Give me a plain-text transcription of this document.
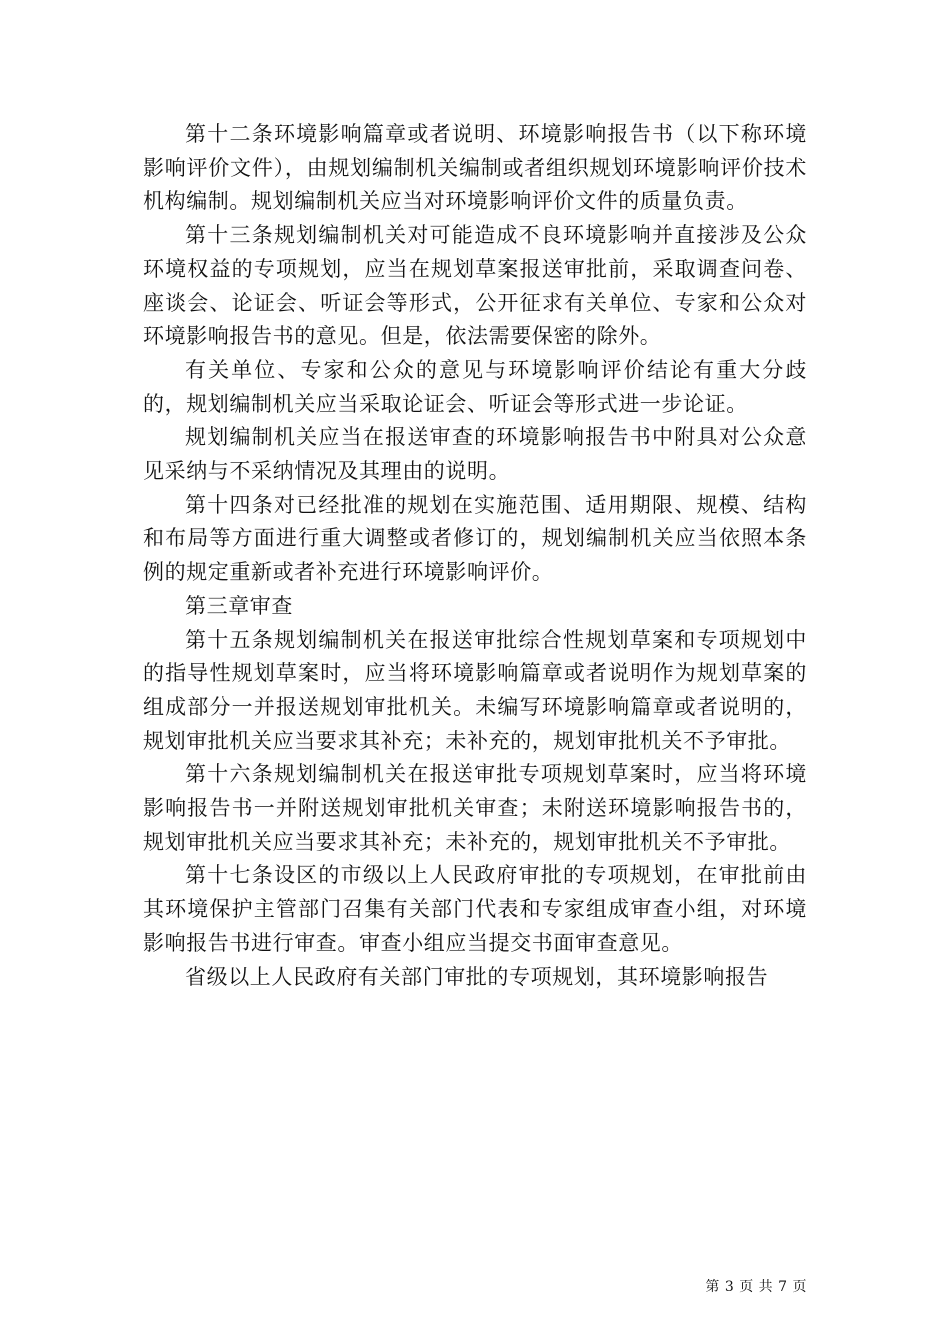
第十二条环境影响篇章或者说明、环境影响报告书（以下称环境影响评价文件），由规划编制机关编制或者组织规划环境影响评价技术机构编制。规划编制机关应当对环境影响评价文件的质量负责。

第十三条规划编制机关对可能造成不良环境影响并直接涉及公众环境权益的专项规划，应当在规划草案报送审批前，采取调查问卷、座谈会、论证会、听证会等形式，公开征求有关单位、专家和公众对环境影响报告书的意见。但是，依法需要保密的除外。

有关单位、专家和公众的意见与环境影响评价结论有重大分歧的，规划编制机关应当采取论证会、听证会等形式进一步论证。

规划编制机关应当在报送审查的环境影响报告书中附具对公众意见采纳与不采纳情况及其理由的说明。

第十四条对已经批准的规划在实施范围、适用期限、规模、结构和布局等方面进行重大调整或者修订的，规划编制机关应当依照本条例的规定重新或者补充进行环境影响评价。

第三章审查

第十五条规划编制机关在报送审批综合性规划草案和专项规划中的指导性规划草案时，应当将环境影响篇章或者说明作为规划草案的组成部分一并报送规划审批机关。未编写环境影响篇章或者说明的，规划审批机关应当要求其补充；未补充的，规划审批机关不予审批。

第十六条规划编制机关在报送审批专项规划草案时，应当将环境影响报告书一并附送规划审批机关审查；未附送环境影响报告书的，规划审批机关应当要求其补充；未补充的，规划审批机关不予审批。

第十七条设区的市级以上人民政府审批的专项规划，在审批前由其环境保护主管部门召集有关部门代表和专家组成审查小组，对环境影响报告书进行审查。审查小组应当提交书面审查意见。

省级以上人民政府有关部门审批的专项规划，其环境影响报告

第 3 页 共 7 页
